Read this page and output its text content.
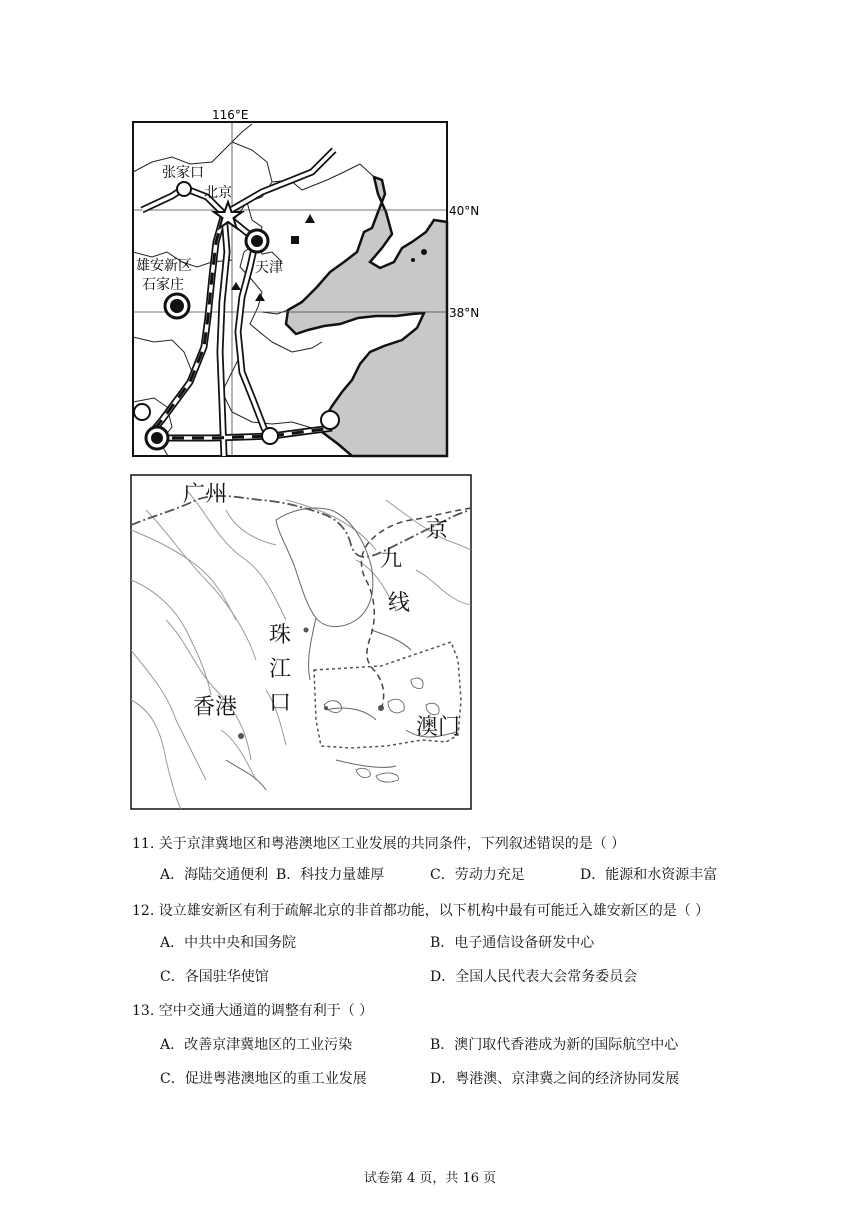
116°E
40°N
38°N
张家口
北京
雄安新区	天津
石家庄
广州
京
九
线
珠
江
口
香港
澳门
11. 关于京津冀地区和粤港澳地区工业发展的共同条件，下列叙述错误的是（ ）
A．海陆交通便利 B．科技力量雄厚	C．劳动力充足	D．能源和水资源丰富
12. 设立雄安新区有利于疏解北京的非首都功能，以下机构中最有可能迁入雄安新区的是（ ）
A．中共中央和国务院	B．电子通信设备研发中心
C．各国驻华使馆	D．全国人民代表大会常务委员会
13. 空中交通大通道的调整有利于（ ）
A．改善京津冀地区的工业污染	B．澳门取代香港成为新的国际航空中心
C．促进粤港澳地区的重工业发展	D．粤港澳、京津冀之间的经济协同发展
试卷第 4 页，共 16 页
